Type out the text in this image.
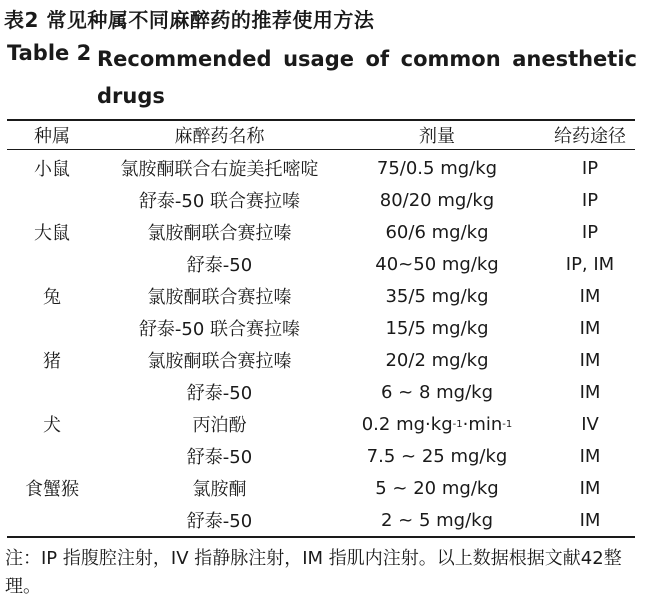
表2 常见种属不同麻醉药的推荐使用方法
Table 2 Recommended usage of common anesthetic
drugs
种属	麻醉药名称	剂量	给药途径
小鼠	氯胺酮联合右旋美托嘧啶	75/0.5 mg/kg	IP
舒泰-50 联合赛拉嗪	80/20 mg/kg	IP
大鼠	氯胺酮联合赛拉嗪	60/6 mg/kg	IP
舒泰-50	40~50 mg/kg	IP, IM
兔	氯胺酮联合赛拉嗪	35/5 mg/kg	IM
舒泰-50 联合赛拉嗪	15/5 mg/kg	IM
猪	氯胺酮联合赛拉嗪	20/2 mg/kg	IM
舒泰-50	6 ~ 8 mg/kg	IM
犬	丙泊酚	0.2 mg·kg -1 ·min -1	IV
舒泰-50	7.5 ~ 25 mg/kg	IM
食蟹猴	氯胺酮	5 ~ 20 mg/kg	IM
舒泰-50	2 ~ 5 mg/kg	IM
注：IP 指腹腔注射，IV 指静脉注射，IM 指肌内注射。以上数据根据文献42整理。
